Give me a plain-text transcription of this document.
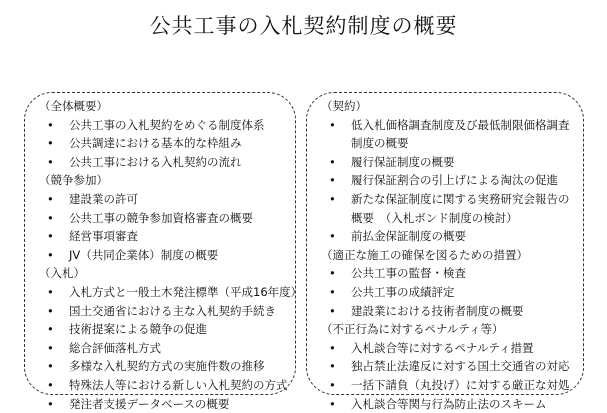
公共工事の入札契約制度の概要
（全体概要）
• 公共工事の入札契約をめぐる制度体系
• 公共調達における基本的な枠組み
• 公共工事における入札契約の流れ
（競争参加）
• 建設業の許可
• 公共工事の競争参加資格審査の概要
• 経営事項審査
• JV（共同企業体）制度の概要
（入札）
• 入札方式と一般土木発注標準（平成16年度）
• 国土交通省における主な入札契約手続き
• 技術提案による競争の促進
• 総合評価落札方式
• 多様な入札契約方式の実施件数の推移
• 特殊法人等における新しい入札契約の方式
• 発注者支援データベースの概要
（契約）
• 低入札価格調査制度及び最低制限価格調査制度の概要
• 履行保証制度の概要
• 履行保証割合の引上げによる淘汰の促進
• 新たな保証制度に関する実務研究会報告の概要　（入札ボンド制度の検討）
• 前払金保証制度の概要
（適正な施工の確保を図るための措置）
• 公共工事の監督・検査
• 公共工事の成績評定
• 建設業における技術者制度の概要
（不正行為に対するペナルティ等）
• 入札談合等に対するペナルティ措置
• 独占禁止法違反に対する国土交通省の対応
• 一括下請負（丸投げ）に対する厳正な対処
• 入札談合等関与行為防止法のスキーム
